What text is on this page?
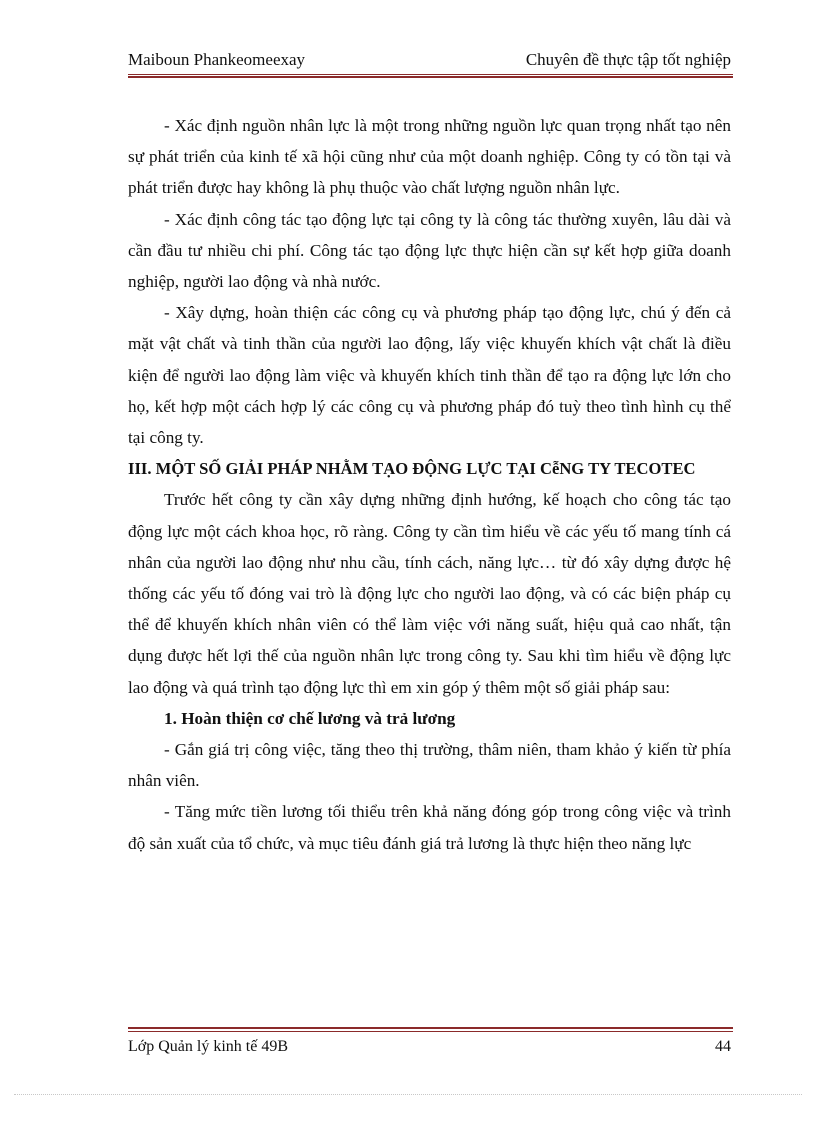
Maiboun Phankeomeexay	Chuyên đề thực tập tốt nghiệp

- Xác định nguồn nhân lực là một trong những nguồn lực quan trọng nhất tạo nên sự phát triển của kinh tế xã hội cũng như của một doanh nghiệp. Công ty có tồn tại và phát triển được hay không là phụ thuộc vào chất lượng nguồn nhân lực.

- Xác định công tác tạo động lực tại công ty là công tác thường xuyên, lâu dài và cần đầu tư nhiều chi phí. Công tác tạo động lực thực hiện cần sự kết hợp giữa doanh nghiệp, người lao động và nhà nước.

- Xây dựng, hoàn thiện các công cụ và phương pháp tạo động lực, chú ý đến cả mặt vật chất và tinh thần của người lao động, lấy việc khuyến khích vật chất là điều kiện để người lao động làm việc và khuyến khích tinh thần để tạo ra động lực lớn cho họ, kết hợp một cách hợp lý các công cụ và phương pháp đó tuỳ theo tình hình cụ thể tại công ty.

III. MỘT SỐ GIẢI PHÁP NHẰM TẠO ĐỘNG LỰC TẠI CễNG TY TECOTEC

Trước hết công ty cần xây dựng những định hướng, kế hoạch cho công tác tạo động lực một cách khoa học, rõ ràng. Công ty cần tìm hiểu về các yếu tố mang tính cá nhân của người lao động như nhu cầu, tính cách, năng lực… từ đó xây dựng được hệ thống các yếu tố đóng vai trò là động lực cho người lao động, và có các biện pháp cụ thể để khuyến khích nhân viên có thể làm việc với năng suất, hiệu quả cao nhất, tận dụng được hết lợi thế của nguồn nhân lực trong công ty. Sau khi tìm hiểu về động lực lao động và quá trình tạo động lực thì em xin góp ý thêm một số giải pháp sau:

1. Hoàn thiện cơ chế lương và trả lương

- Gắn giá trị công việc, tăng theo thị trường, thâm niên, tham khảo ý kiến từ phía nhân viên.

- Tăng mức tiền lương tối thiểu trên khả năng đóng góp trong công việc và trình độ sản xuất của tổ chức, và mục tiêu đánh giá trả lương là thực hiện theo năng lực

Lớp Quản lý kinh tế 49B	44
